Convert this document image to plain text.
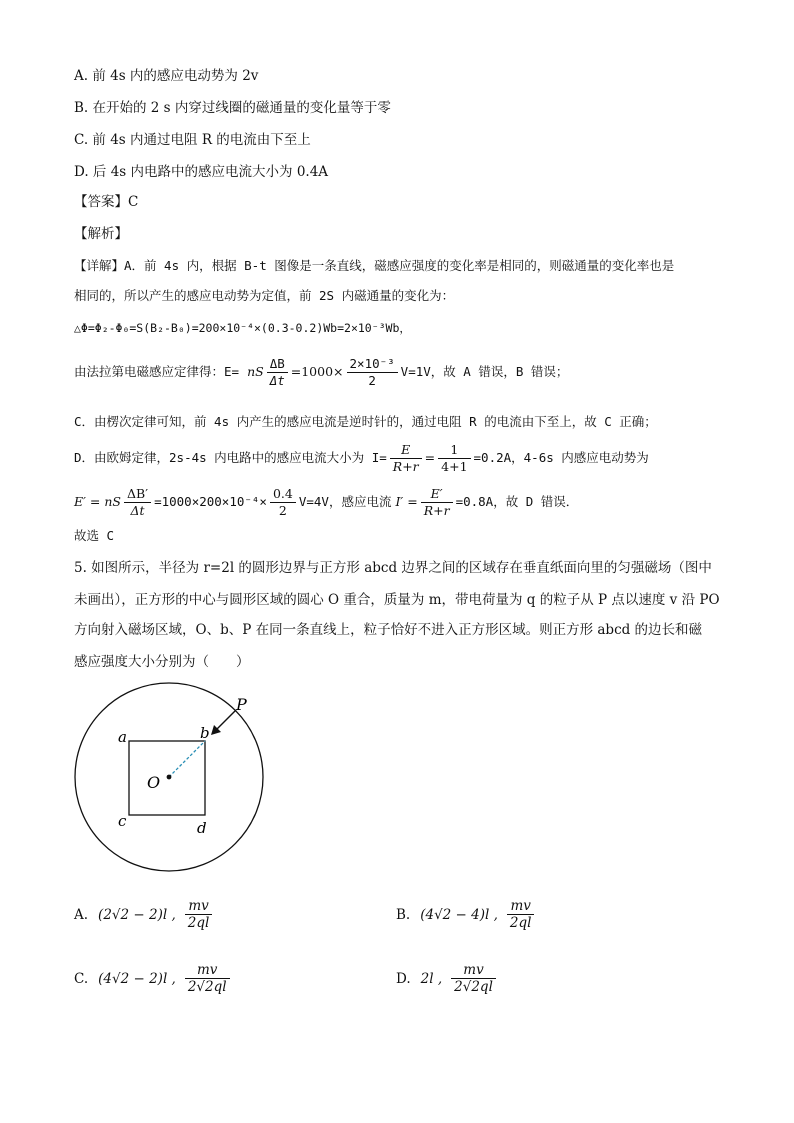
A. 前 4s 内的感应电动势为 2v
B. 在开始的 2 s 内穿过线圈的磁通量的变化量等于零
C. 前 4s 内通过电阻 R 的电流由下至上
D. 后 4s 内电路中的感应电流大小为 0.4A
【答案】C
【解析】
【详解】A．前 4s 内，根据 B-t 图像是一条直线，磁感应强度的变化率是相同的，则磁通量的变化率也是
相同的，所以产生的感应电动势为定值，前 2S 内磁通量的变化为：
△Φ=Φ₂-Φ₀=S(B₂-B₀)=200×10⁻⁴×(0.3-0.2)Wb=2×10⁻³Wb，
由法拉第电磁感应定律得：E= nS $\frac{\Delta B}{\Delta t} =1000\times \frac{\text{2×10⁻³}}{2} V=1V$，故 A 错误，B 错误；
C．由楞次定律可知，前 4s 内产生的感应电流是逆时针的，通过电阻 R 的电流由下至上，故 C 正确；
D．由欧姆定律，2s-4s 内电路中的感应电流大小为 $I= \frac{E}{R+r} = \frac{1}{4+1} =0.2A$，4-6s 内感应电动势为
E′ = nS $\frac{\Delta B'}{\Delta t} =1000\times 200\times 10^{-4}\times \frac{0.4}{2} V=4V$，感应电流 $I' = \frac{E'}{R+r} =0.8A$，故 D 错误．
故选 C
5. 如图所示，半径为 r=2l 的圆形边界与正方形 abcd 边界之间的区域存在垂直纸面向里的匀强磁场（图中
未画出），正方形的中心与圆形区域的圆心 O 重合，质量为 m，带电荷量为 q 的粒子从 P 点以速度 v 沿 PO
方向射入磁场区域，O、b、P 在同一条直线上，粒子恰好不进入正方形区域。则正方形 abcd 的边长和磁
感应强度大小分别为（　　）
a	b
c	d
O
P
A. (2√2 − 2)l , $\frac{mv}{2ql}$	B. (4√2 − 4)l , $\frac{mv}{2ql}$
C. (4√2 − 2)l , $\frac{mv}{2√2ql}$	D. 2l , $\frac{mv}{2√2ql}$
